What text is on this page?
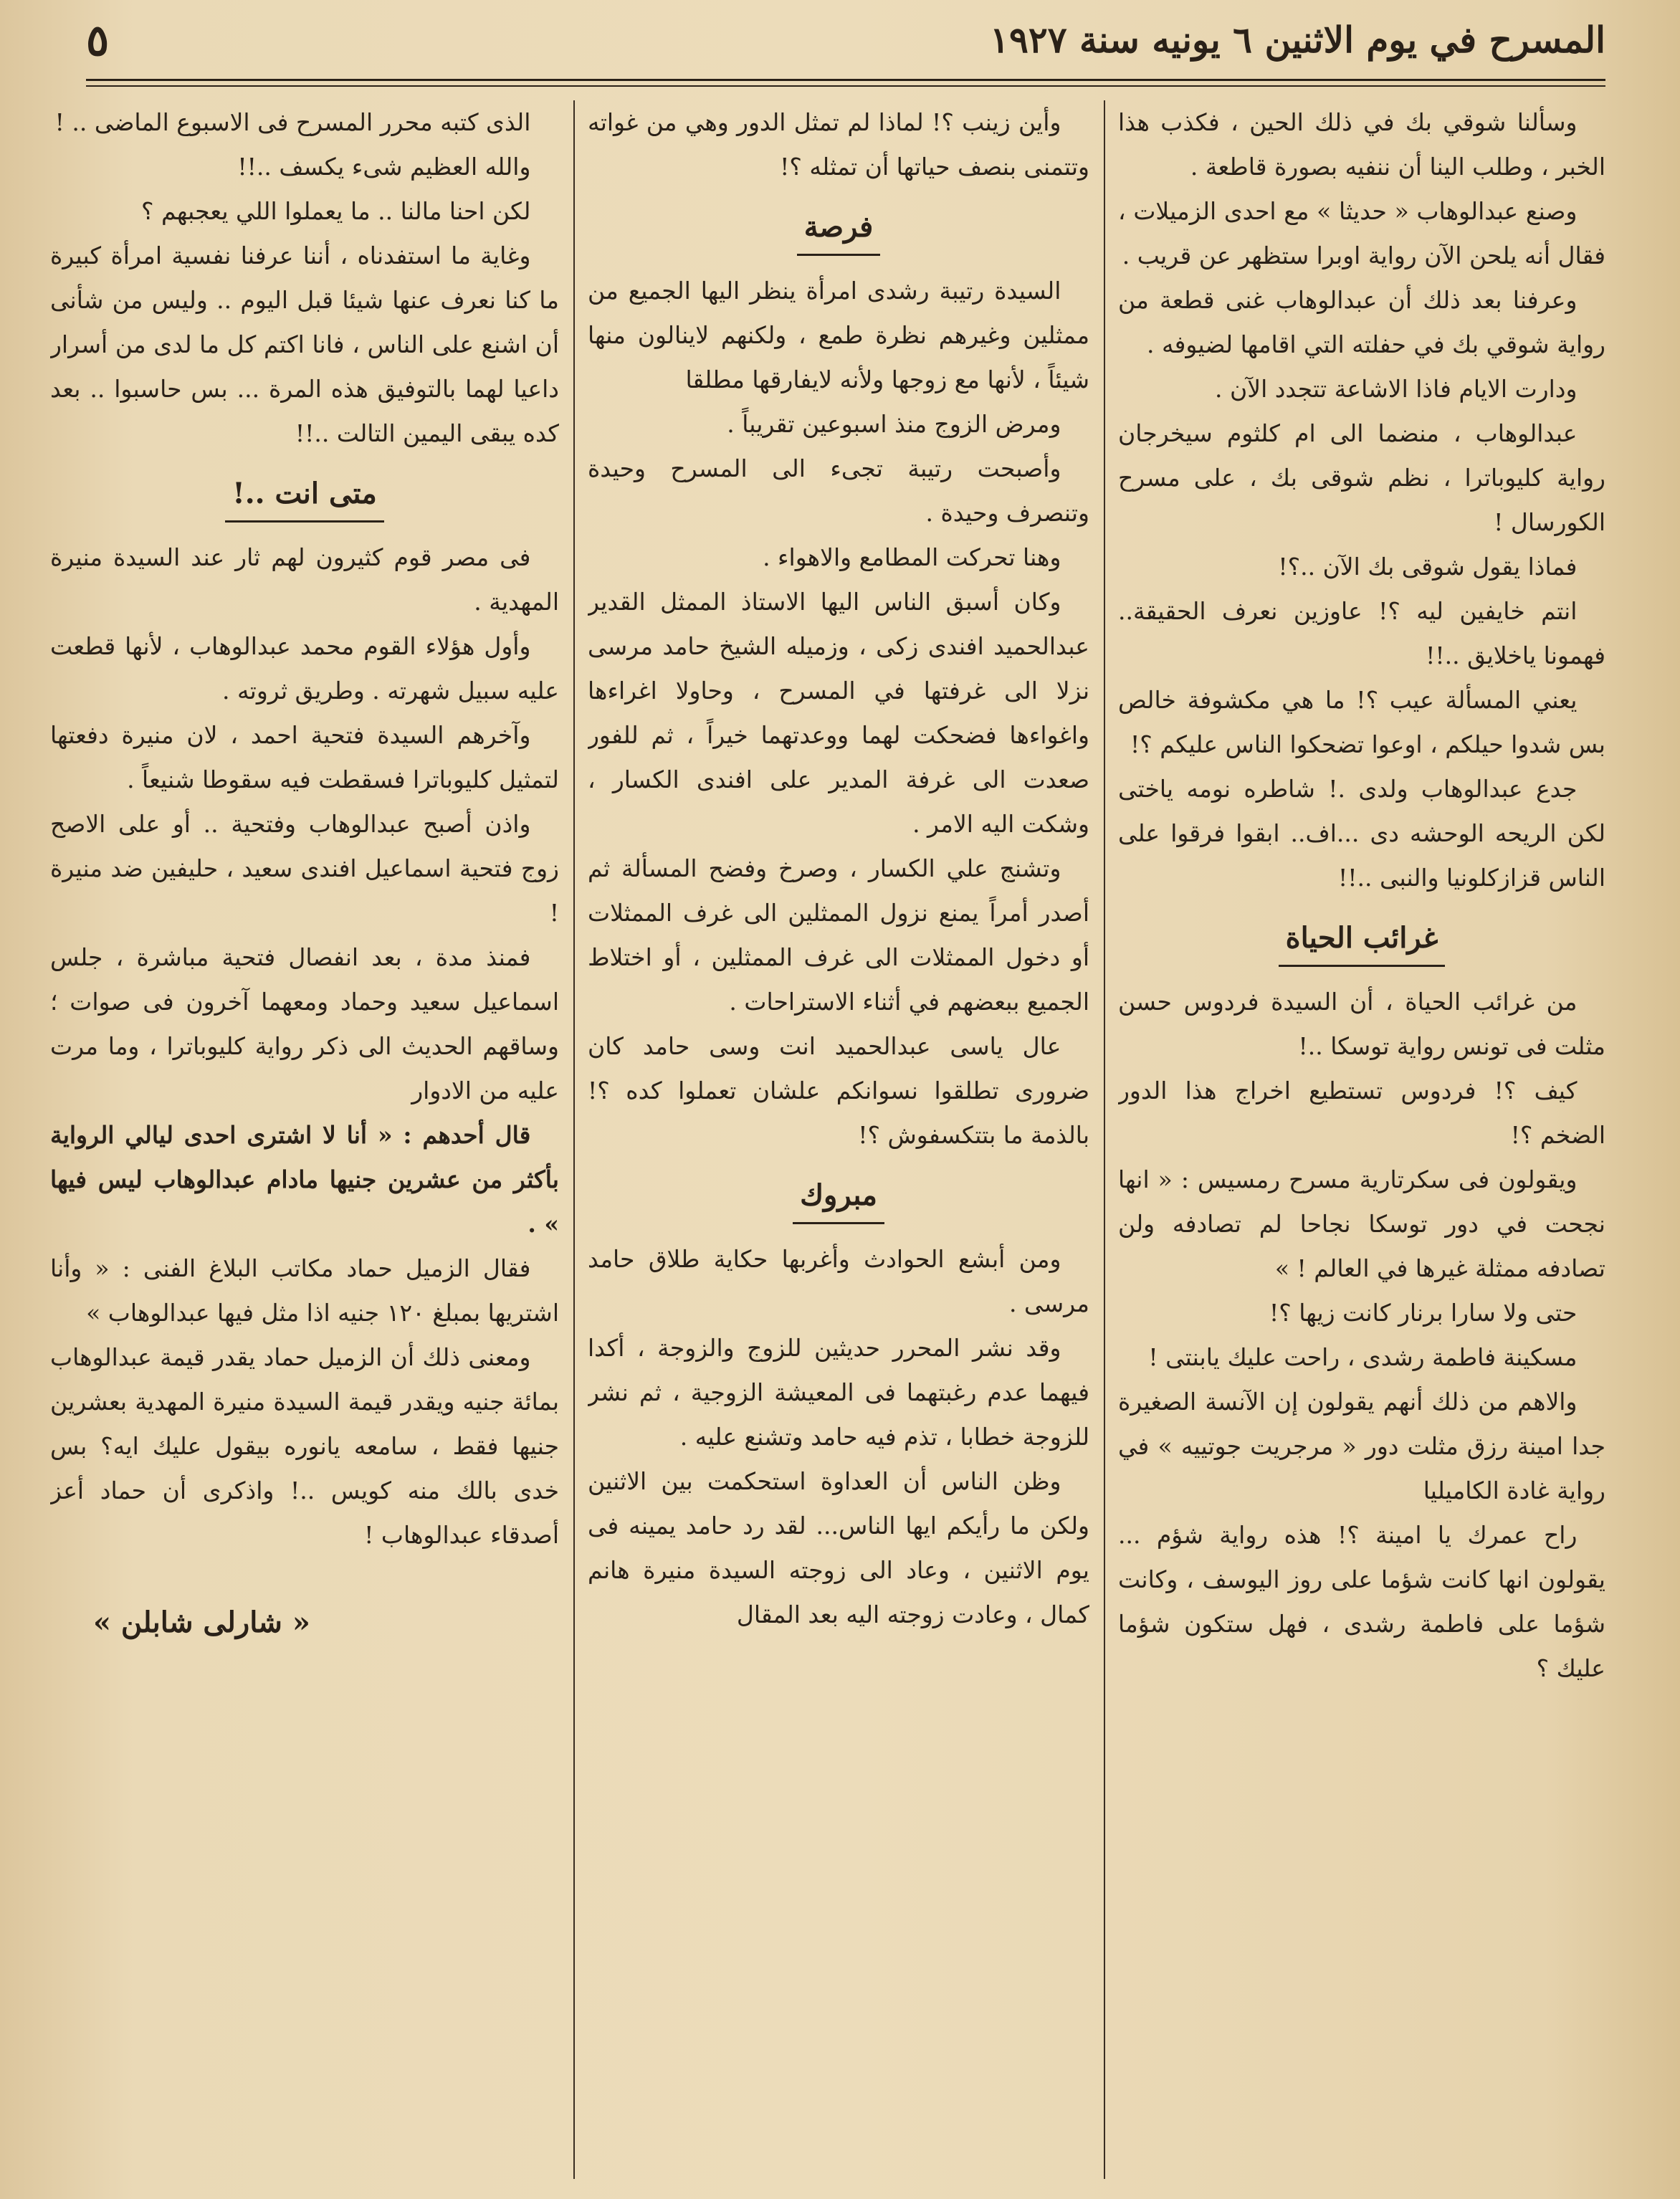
المسرح في يوم الاثنين ٦ يونيه سنة ١٩٢٧
٥

وسألنا شوقي بك في ذلك الحين ، فكذب هذا الخبر ، وطلب الينا أن ننفيه بصورة قاطعة .

وصنع عبدالوهاب « حديثا » مع احدى الزميلات ، فقال أنه يلحن الآن رواية اوبرا ستظهر عن قريب .

وعرفنا بعد ذلك أن عبدالوهاب غنى قطعة من رواية شوقي بك في حفلته التي اقامها لضيوفه .

ودارت الايام فاذا الاشاعة تتجدد الآن .

عبدالوهاب ، منضما الى ام كلثوم سيخرجان رواية كليوباترا ، نظم شوقى بك ، على مسرح الكورسال !

فماذا يقول شوقى بك الآن ..؟!

انتم خايفين ليه ؟! عاوزين نعرف الحقيقة.. فهمونا ياخلايق ..!!

يعني المسألة عيب ؟! ما هي مكشوفة خالص بس شدوا حيلكم ، اوعوا تضحكوا الناس عليكم ؟!

جدع عبدالوهاب ولدى .! شاطره نومه ياختى لكن الريحه الوحشه دى ...اف.. ابقوا فرقوا على الناس قزازكلونيا والنبى ..!!

غرائب الحياة

من غرائب الحياة ، أن السيدة فردوس حسن مثلت فى تونس رواية توسكا ..!

كيف ؟! فردوس تستطيع اخراج هذا الدور الضخم ؟!

ويقولون فى سكرتارية مسرح رمسيس : « انها نجحت في دور توسكا نجاحا لم تصادفه ولن تصادفه ممثلة غيرها في العالم ! »

حتى ولا سارا برنار كانت زيها ؟!

مسكينة فاطمة رشدى ، راحت عليك يابنتى !

والاهم من ذلك أنهم يقولون إن الآنسة الصغيرة جدا امينة رزق مثلت دور « مرجريت جوتييه » في رواية غادة الكاميليا

راح عمرك يا امينة ؟! هذه رواية شؤم ... يقولون انها كانت شؤما على روز اليوسف ، وكانت شؤما على فاطمة رشدى ، فهل ستكون شؤما عليك ؟

وأين زينب ؟! لماذا لم تمثل الدور وهي من غواته وتتمنى بنصف حياتها أن تمثله ؟!

فرصة

السيدة رتيبة رشدى امرأة ينظر اليها الجميع من ممثلين وغيرهم نظرة طمع ، ولكنهم لاينالون منها شيئاً ، لأنها مع زوجها ولأنه لايفارقها مطلقا

ومرض الزوج منذ اسبوعين تقريباً .

وأصبحت رتيبة تجىء الى المسرح وحيدة وتنصرف وحيدة .

وهنا تحركت المطامع والاهواء .

وكان أسبق الناس اليها الاستاذ الممثل القدير عبدالحميد افندى زكى ، وزميله الشيخ حامد مرسى نزلا الى غرفتها في المسرح ، وحاولا اغراءها واغواءها فضحكت لهما ووعدتهما خيراً ، ثم للفور صعدت الى غرفة المدير على افندى الكسار ، وشكت اليه الامر .

وتشنج علي الكسار ، وصرخ وفضح المسألة ثم أصدر أمراً يمنع نزول الممثلين الى غرف الممثلات أو دخول الممثلات الى غرف الممثلين ، أو اختلاط الجميع ببعضهم في أثناء الاستراحات .

عال ياسى عبدالحميد انت وسى حامد كان ضرورى تطلقوا نسوانكم علشان تعملوا كده ؟! بالذمة ما بتتكسفوش ؟!

مبروك

ومن أبشع الحوادث وأغربها حكاية طلاق حامد مرسى .

وقد نشر المحرر حديثين للزوج والزوجة ، أكدا فيهما عدم رغبتهما فى المعيشة الزوجية ، ثم نشر للزوجة خطابا ، تذم فيه حامد وتشنع عليه .

وظن الناس أن العداوة استحكمت بين الاثنين ولكن ما رأيكم ايها الناس... لقد رد حامد يمينه فى يوم الاثنين ، وعاد الى زوجته السيدة منيرة هانم كمال ، وعادت زوجته اليه بعد المقال

الذى كتبه محرر المسرح فى الاسبوع الماضى .. !

والله العظيم شىء يكسف ..!!

لكن احنا مالنا .. ما يعملوا اللي يعجبهم ؟

وغاية ما استفدناه ، أننا عرفنا نفسية امرأة كبيرة ما كنا نعرف عنها شيئا قبل اليوم .. وليس من شأنى أن اشنع على الناس ، فانا اكتم كل ما لدى من أسرار داعيا لهما بالتوفيق هذه المرة ... بس حاسبوا .. بعد كده يبقى اليمين التالت ..!!

متى انت ..!

فى مصر قوم كثيرون لهم ثار عند السيدة منيرة المهدية .

وأول هؤلاء القوم محمد عبدالوهاب ، لأنها قطعت عليه سبيل شهرته . وطريق ثروته .

وآخرهم السيدة فتحية احمد ، لان منيرة دفعتها لتمثيل كليوباترا فسقطت فيه سقوطا شنيعاً .

واذن أصبح عبدالوهاب وفتحية .. أو على الاصح زوج فتحية اسماعيل افندى سعيد ، حليفين ضد منيرة !

فمنذ مدة ، بعد انفصال فتحية مباشرة ، جلس اسماعيل سعيد وحماد ومعهما آخرون فى صوات ؛ وساقهم الحديث الى ذكر رواية كليوباترا ، وما مرت عليه من الادوار

قال أحدهم : « أنا لا اشترى احدى ليالي الرواية بأكثر من عشرين جنيها مادام عبدالوهاب ليس فيها » .

فقال الزميل حماد مكاتب البلاغ الفنى : « وأنا اشتريها بمبلغ ١٢٠ جنيه اذا مثل فيها عبدالوهاب »

ومعنى ذلك أن الزميل حماد يقدر قيمة عبدالوهاب بمائة جنيه ويقدر قيمة السيدة منيرة المهدية بعشرين جنيها فقط ، سامعه يانوره بيقول عليك ايه؟ بس خدى بالك منه كويس ..! واذكرى أن حماد أعز أصدقاء عبدالوهاب !

« شارلى شابلن »
